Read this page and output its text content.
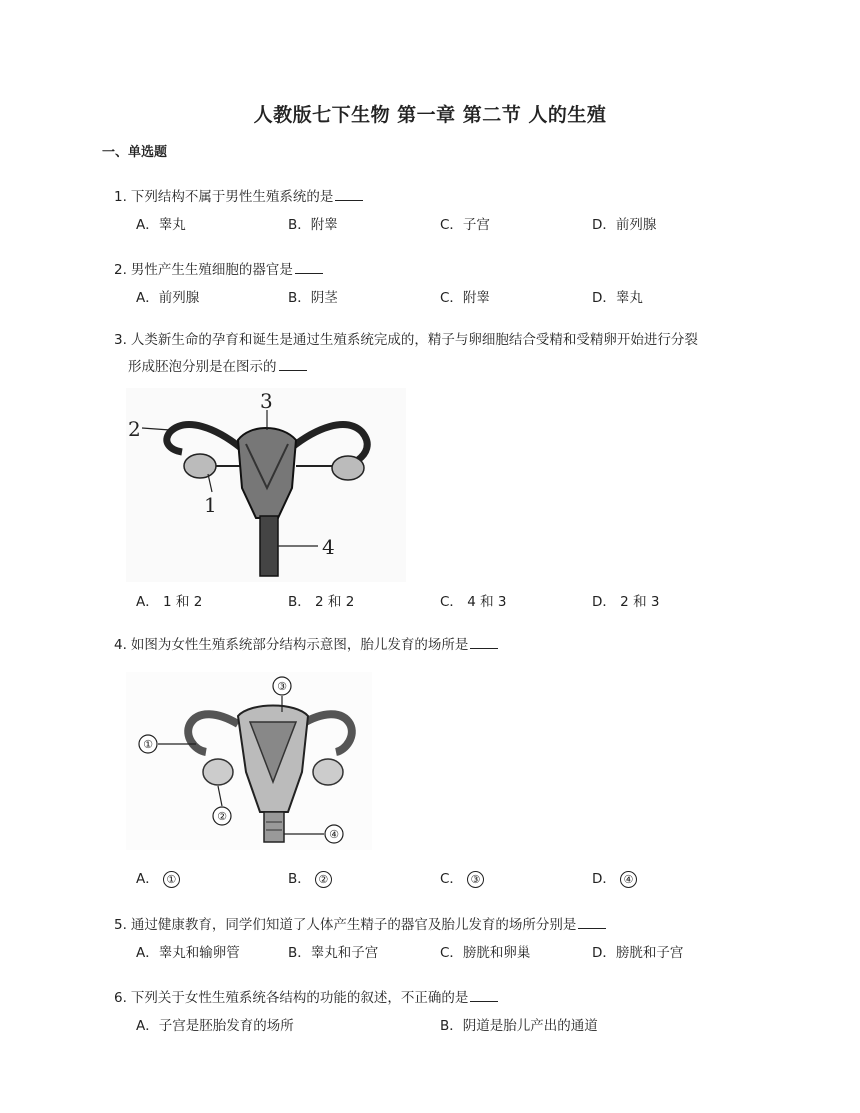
人教版七下生物 第一章 第二节 人的生殖
一、单选题
1. 下列结构不属于男性生殖系统的是
A．睾丸	B．附睾	C．子宫	D．前列腺
2. 男性产生生殖细胞的器官是
A．前列腺	B．阴茎	C．附睾	D．睾丸
3. 人类新生命的孕育和诞生是通过生殖系统完成的，精子与卵细胞结合受精和受精卵开始进行分裂
形成胚泡分别是在图示的
3
2
1
4
A． 1 和 2	B． 2 和 2	C． 4 和 3	D． 2 和 3
4. 如图为女性生殖系统部分结构示意图，胎儿发育的场所是
③
①
②
④
A． ①	B． ②	C． ③	D． ④
5. 通过健康教育，同学们知道了人体产生精子的器官及胎儿发育的场所分别是
A．睾丸和输卵管	B．睾丸和子宫	C．膀胱和卵巢	D．膀胱和子宫
6. 下列关于女性生殖系统各结构的功能的叙述，不正确的是
A．子宫是胚胎发育的场所	B．阴道是胎儿产出的通道
